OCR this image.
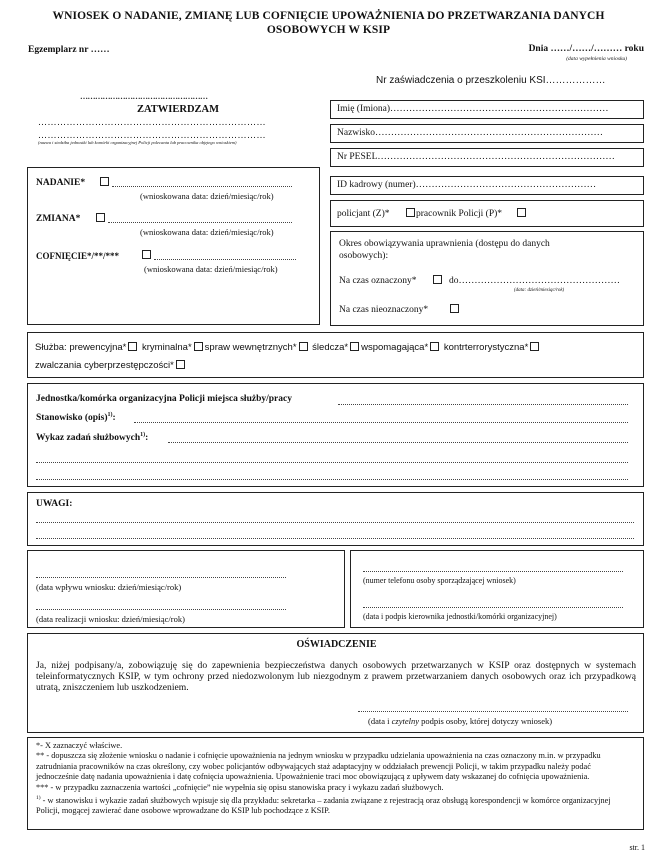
WNIOSEK O NADANIE, ZMIANĘ LUB COFNIĘCIE UPOWAŻNIENIA DO PRZETWARZANIA DANYCH
OSOBOWYCH W KSIP
Egzemplarz nr ……	Dnia ……/……/……… roku
(data wypełnienia wniosku)
Nr zaświadczenia o przeszkoleniu KSI………………
……………………………………………
ZATWIERDZAM
………………………………………………………………
………………………………………………………………
(nazwa i siedziba jednostki lub komórki organizacyjnej Policji polecanta lub pracownika objętego wnioskiem)
Imię (Imiona)……………………………………………………………
Nazwisko………………………………………………………………
Nr PESEL…………………………………………………………………
NADANIE*
(wnioskowana data: dzień/miesiąc/rok)
ZMIANA*
(wnioskowana data: dzień/miesiąc/rok)
COFNIĘCIE*/**/***
(wnioskowana data: dzień/miesiąc/rok)
ID kadrowy (numer)…………………………………………………
policjant (Z)*	pracownik Policji (P)*
Okres obowiązywania uprawnienia (dostępu do danych
osobowych):
Na czas oznaczony*	do……………………………………………
(data: dzień/miesiąc/rok)
Na czas nieoznaczony*
Służba: prewencyjna* kryminalna* spraw wewnętrznych* śledcza* wspomagająca* kontrterrorystyczna*
zwalczania cyberprzestępczości*
Jednostka/komórka organizacyjna Policji miejsca służby/pracy
Stanowisko (opis)$^{1)}$:
Wykaz zadań służbowych$^{1)}$:
UWAGI:
(data wpływu wniosku: dzień/miesiąc/rok)
(data realizacji wniosku: dzień/miesiąc/rok)
(numer telefonu osoby sporządzającej wniosek)
(data i podpis kierownika jednostki/komórki organizacyjnej)
OŚWIADCZENIE
Ja, niżej podpisany/a, zobowiązuję się do zapewnienia bezpieczeństwa danych osobowych przetwarzanych w KSIP oraz dostępnych w systemach teleinformatycznych KSIP, w tym ochrony przed niedozwolonym lub niezgodnym z prawem przetwarzaniem danych osobowych oraz ich przypadkową utratą, zniszczeniem lub uszkodzeniem.
(data i czytelny podpis osoby, której dotyczy wniosek)

*- X zaznaczyć właściwe.

** - dopuszcza się złożenie wniosku o nadanie i cofnięcie upoważnienia na jednym wniosku w przypadku udzielania upoważnienia na czas oznaczony m.in. w przypadku zatrudniania pracowników na czas określony, czy wobec policjantów odbywających staż adaptacyjny w oddziałach prewencji Policji, w takim przypadku należy podać jednocześnie datę nadania upoważnienia i datę cofnięcia upoważnienia. Upoważnienie traci moc obowiązującą z upływem daty wskazanej do cofnięcia upoważnienia.

*** - w przypadku zaznaczenia wartości „cofnięcie” nie wypełnia się opisu stanowiska pracy i wykazu zadań służbowych.

$^{1)}$ - w stanowisku i wykazie zadań służbowych wpisuje się dla przykładu: sekretarka – zadania związane z rejestracją oraz obsługą korespondencji w komórce organizacyjnej Policji, mogącej zawierać dane osobowe wprowadzane do KSIP lub pochodzące z KSIP.

str. 1
